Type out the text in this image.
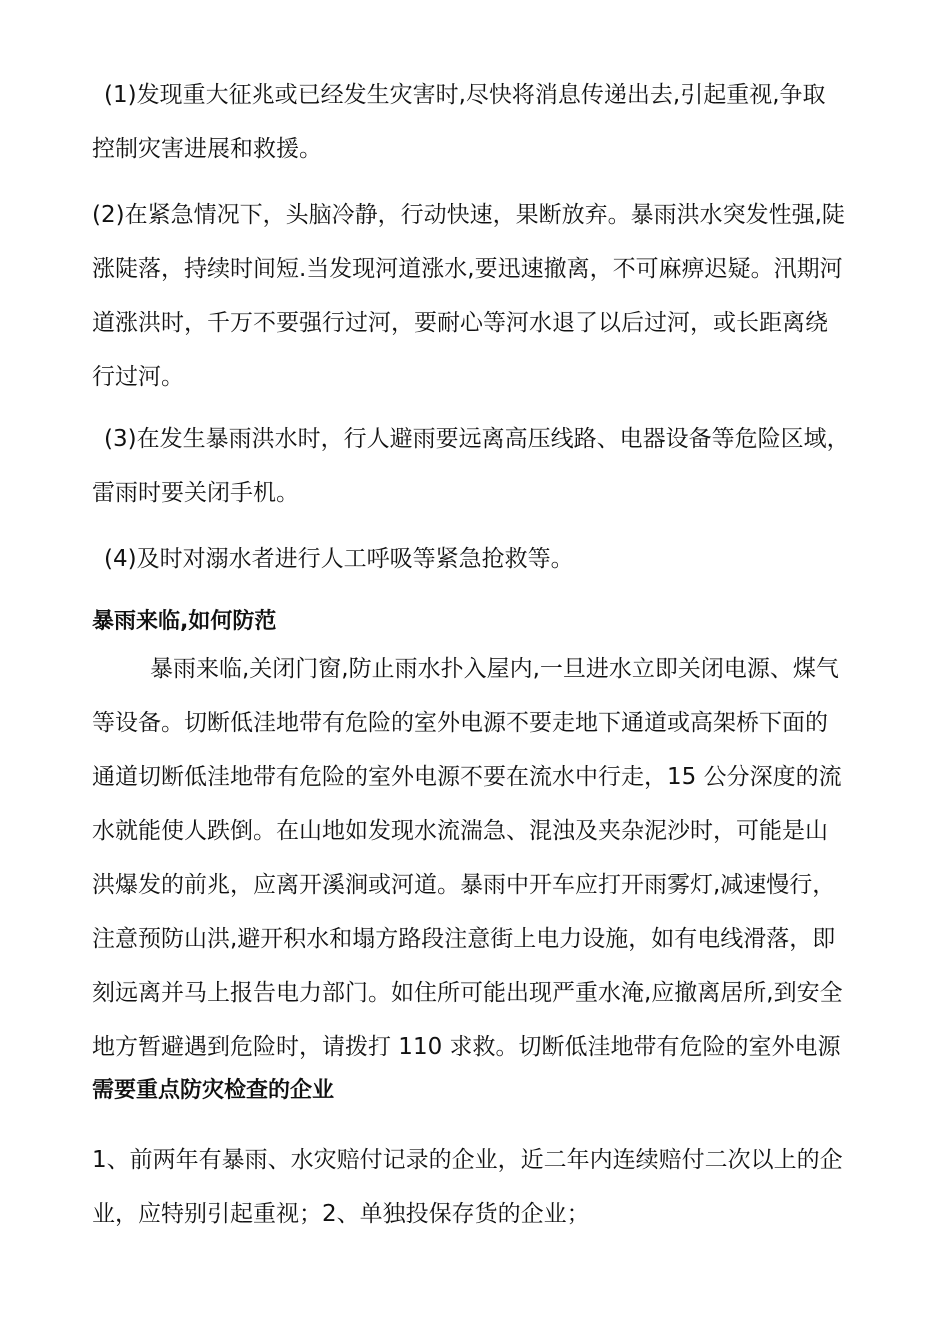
(1)发现重大征兆或已经发生灾害时,尽快将消息传递出去,引起重视,争取
控制灾害进展和救援。
(2)在紧急情况下，头脑冷静，行动快速，果断放弃。暴雨洪水突发性强,陡
涨陡落，持续时间短.当发现河道涨水,要迅速撤离，不可麻痹迟疑。汛期河
道涨洪时，千万不要强行过河，要耐心等河水退了以后过河，或长距离绕
行过河。
(3)在发生暴雨洪水时，行人避雨要远离高压线路、电器设备等危险区域，
雷雨时要关闭手机。
(4)及时对溺水者进行人工呼吸等紧急抢救等。
暴雨来临,如何防范
暴雨来临,关闭门窗,防止雨水扑入屋内,一旦进水立即关闭电源、煤气
等设备。切断低洼地带有危险的室外电源不要走地下通道或高架桥下面的
通道切断低洼地带有危险的室外电源不要在流水中行走，15 公分深度的流
水就能使人跌倒。在山地如发现水流湍急、混浊及夹杂泥沙时，可能是山
洪爆发的前兆，应离开溪涧或河道。暴雨中开车应打开雨雾灯,减速慢行，
注意预防山洪,避开积水和塌方路段注意街上电力设施，如有电线滑落，即
刻远离并马上报告电力部门。如住所可能出现严重水淹,应撤离居所,到安全
地方暂避遇到危险时，请拨打 110 求救。切断低洼地带有危险的室外电源
需要重点防灾检查的企业
1、前两年有暴雨、水灾赔付记录的企业，近二年内连续赔付二次以上的企
业，应特别引起重视；2、单独投保存货的企业；
